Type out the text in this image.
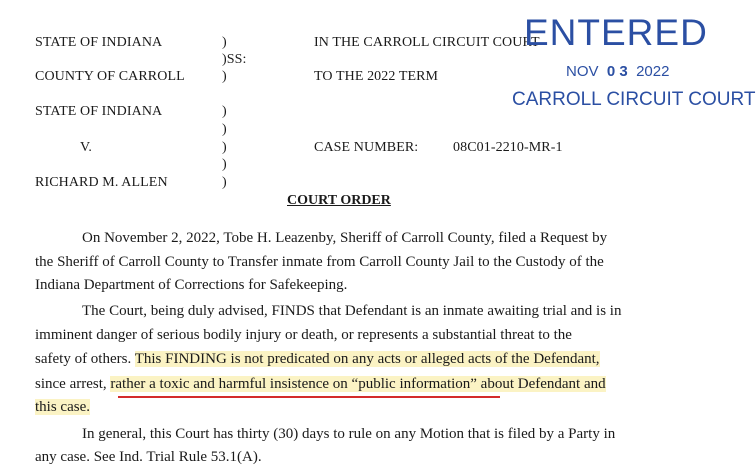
STATE OF INDIANA
COUNTY OF CARROLL
STATE OF INDIANA
V.
RICHARD M. ALLEN
)
)SS:
)
)
)
)
)
)
IN THE CARROLL CIRCUIT COURT
TO THE 2022 TERM
CASE NUMBER: 08C01-2210-MR-1
ENTERED
NOV 0 3 2022
CARROLL CIRCUIT COURT
COURT ORDER
On November 2, 2022, Tobe H. Leazenby, Sheriff of Carroll County, filed a Request by
the Sheriff of Carroll County to Transfer inmate from Carroll County Jail to the Custody of the
Indiana Department of Corrections for Safekeeping.
The Court, being duly advised, FINDS that Defendant is an inmate awaiting trial and is in
imminent danger of serious bodily injury or death, or represents a substantial threat to the
safety of others. This FINDING is not predicated on any acts or alleged acts of the Defendant,
since arrest, rather a toxic and harmful insistence on “public information” about Defendant and
this case.
In general, this Court has thirty (30) days to rule on any Motion that is filed by a Party in
any case. See Ind. Trial Rule 53.1(A).
